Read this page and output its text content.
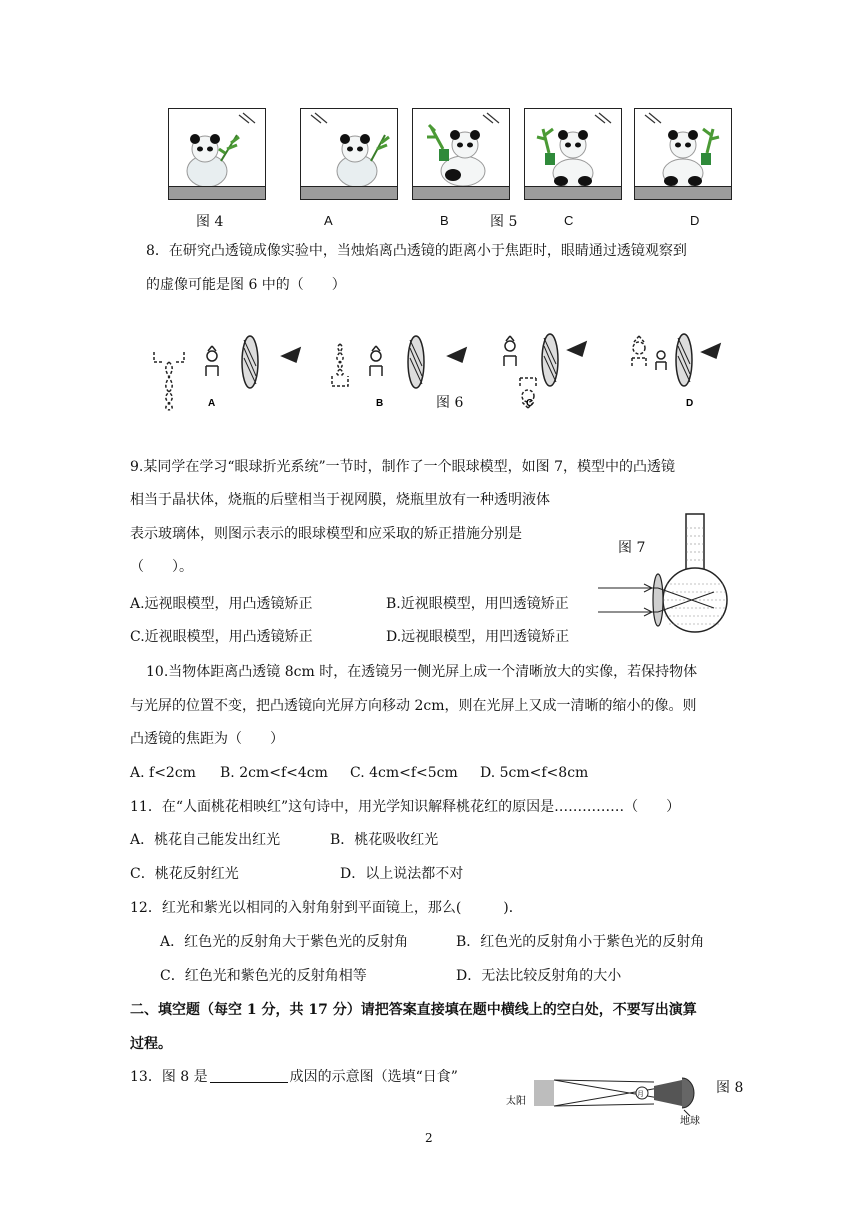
图 4	A	B	图 5	C	D
8．在研究凸透镜成像实验中，当烛焰离凸透镜的距离小于焦距时，眼睛通过透镜观察到
的虚像可能是图 6 中的（　　）
A	B	C	D
图 6
9.某同学在学习“眼球折光系统”一节时，制作了一个眼球模型，如图 7，模型中的凸透镜
相当于晶状体，烧瓶的后壁相当于视网膜，烧瓶里放有一种透明液体
表示玻璃体，则图示表示的眼球模型和应采取的矫正措施分别是
（　　）。
图 7
A.远视眼模型，用凸透镜矫正	B.近视眼模型，用凹透镜矫正
C.近视眼模型，用凸透镜矫正	D.远视眼模型，用凹透镜矫正
10.当物体距离凸透镜 8cm 时，在透镜另一侧光屏上成一个清晰放大的实像，若保持物体
与光屏的位置不变，把凸透镜向光屏方向移动 2cm，则在光屏上又成一清晰的缩小的像。则
凸透镜的焦距为（　　）
A. f<2cm B. 2cm<f<4cm C. 4cm<f<5cm D. 5cm<f<8cm
11．在“人面桃花相映红”这句诗中，用光学知识解释桃花红的原因是……………（　　）
A．桃花自己能发出红光	B．桃花吸收红光
C．桃花反射红光	D．以上说法都不对
12．红光和紫光以相同的入射角射到平面镜上，那么(　　　)．
A．红色光的反射角大于紫色光的反射角	B．红色光的反射角小于紫色光的反射角
C．红色光和紫色光的反射角相等	D．无法比较反射角的大小
二、填空题（每空 1 分，共 17 分）请把答案直接填在题中横线上的空白处，不要写出演算
过程。
13．图 8 是	成因的示意图（选填“日食”
太阳
月
地球
图 8
2
